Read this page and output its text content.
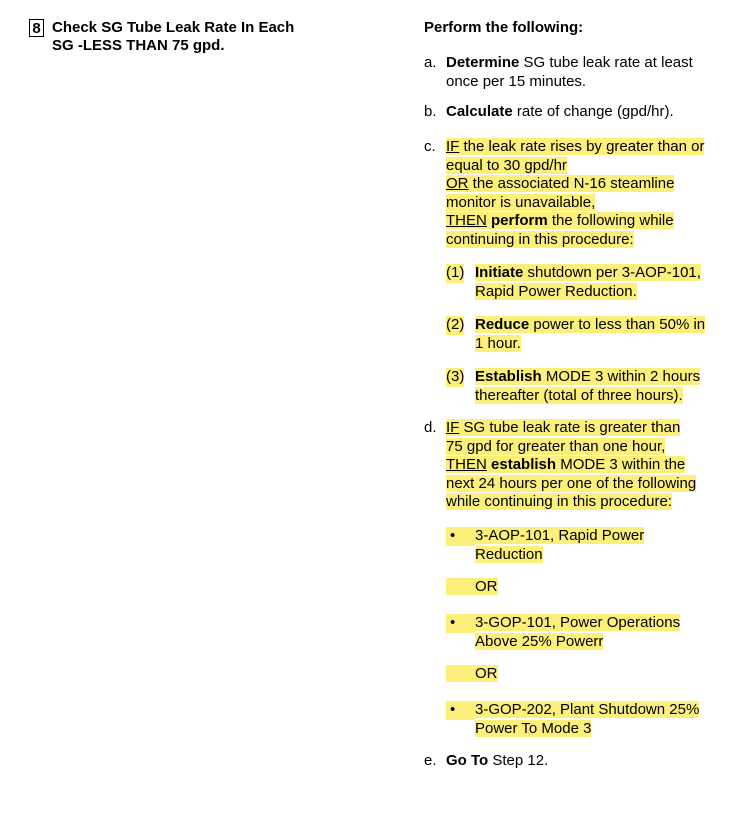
8 Check SG Tube Leak Rate In Each
SG -LESS THAN 75 gpd.
Perform the following:
a. Determine SG tube leak rate at least
once per 15 minutes.
b. Calculate rate of change (gpd/hr).
c. IF the leak rate rises by greater than or
equal to 30 gpd/hr
OR the associated N-16 steamline
monitor is unavailable,
THEN perform the following while
continuing in this procedure:
(1) Initiate shutdown per 3-AOP-101,
Rapid Power Reduction.
(2) Reduce power to less than 50% in
1 hour.
(3) Establish MODE 3 within 2 hours
thereafter (total of three hours).
d. IF SG tube leak rate is greater than
75 gpd for greater than one hour,
THEN establish MODE 3 within the
next 24 hours per one of the following
while continuing in this procedure:
•	3-AOP-101, Rapid Power
Reduction
OR
•	3-GOP-101, Power Operations
Above 25% Powerr
OR
•	3-GOP-202, Plant Shutdown 25%
Power To Mode 3
e. Go To Step 12.
